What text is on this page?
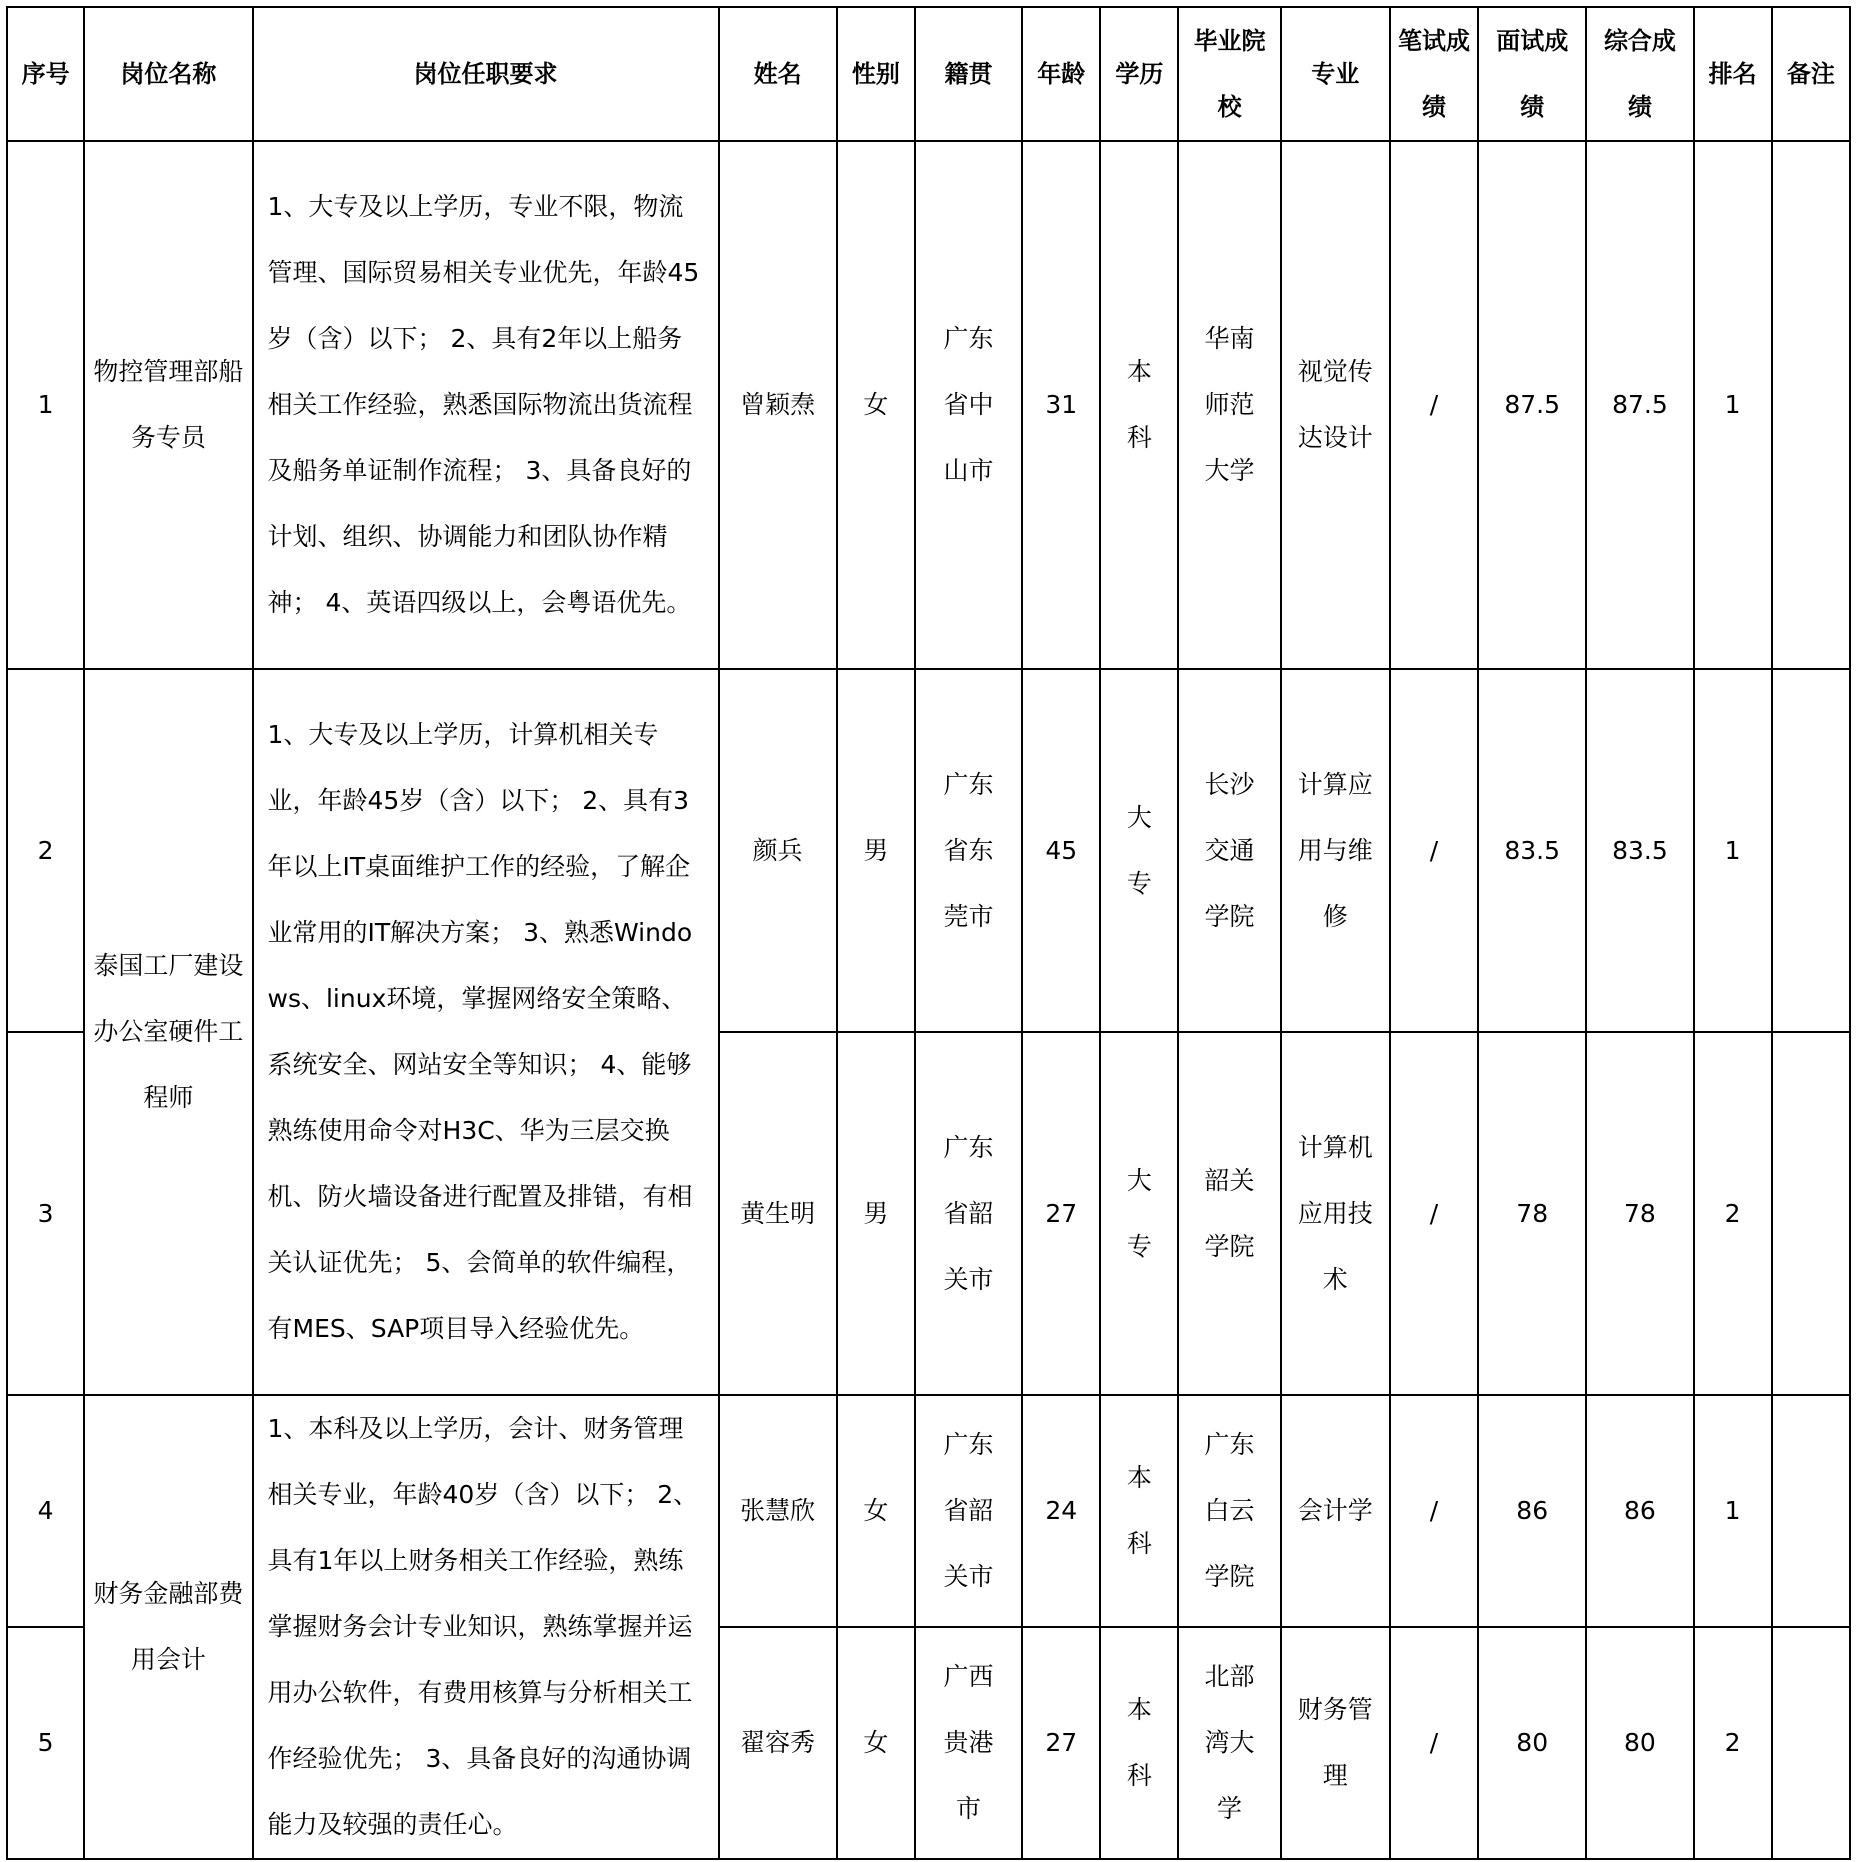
序号	岗位名称	岗位任职要求	姓名	性别	籍贯	年龄	学历	毕业院校	专业	笔试成绩	面试成绩	综合成绩	排名	备注
1	物控管理部船务专员	1、大专及以上学历，专业不限，物流管理、国际贸易相关专业优先，年龄45岁（含）以下； 2、具有2年以上船务相关工作经验，熟悉国际物流出货流程及船务单证制作流程； 3、具备良好的计划、组织、协调能力和团队协作精神； 4、英语四级以上，会粤语优先。	曾颖焘	女	广东省中山市	31	本科	华南师范大学	视觉传达设计	/	87.5	87.5	1	
2	泰国工厂建设办公室硬件工程师	1、大专及以上学历，计算机相关专业，年龄45岁（含）以下； 2、具有3年以上IT桌面维护工作的经验，了解企业常用的IT解决方案； 3、熟悉Windows、linux环境，掌握网络安全策略、系统安全、网站安全等知识； 4、能够熟练使用命令对H3C、华为三层交换机、防火墙设备进行配置及排错，有相关认证优先； 5、会简单的软件编程，有MES、SAP项目导入经验优先。	颜兵	男	广东省东莞市	45	大专	长沙交通学院	计算应用与维修	/	83.5	83.5	1	
3			黄生明	男	广东省韶关市	27	大专	韶关学院	计算机应用技术	/	78	78	2	
4	财务金融部费用会计	1、本科及以上学历，会计、财务管理相关专业，年龄40岁（含）以下； 2、具有1年以上财务相关工作经验，熟练掌握财务会计专业知识，熟练掌握并运用办公软件，有费用核算与分析相关工作经验优先； 3、具备良好的沟通协调能力及较强的责任心。	张慧欣	女	广东省韶关市	24	本科	广东白云学院	会计学	/	86	86	1	
5			翟容秀	女	广西贵港市	27	本科	北部湾大学	财务管理	/	80	80	2	
